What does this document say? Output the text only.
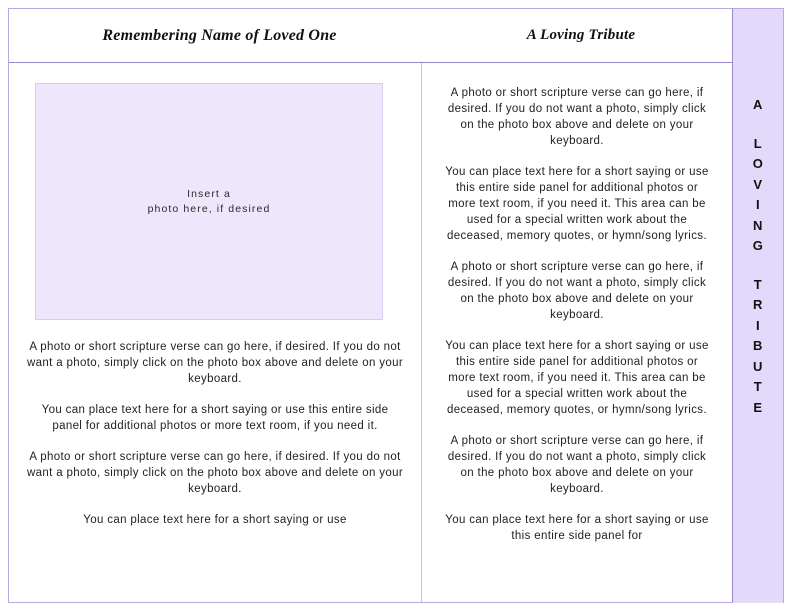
Remembering Name of Loved One	A Loving Tribute
Insert a
photo here, if desired

A photo or short scripture verse can go here, if desired. If you do not want a photo, simply click on the photo box above and delete on your keyboard.

You can place text here for a short saying or use this entire side panel for additional photos or more text room, if you need it.

A photo or short scripture verse can go here, if desired. If you do not want a photo, simply click on the photo box above and delete on your keyboard.

You can place text here for a short saying or use

A photo or short scripture verse can go here, if desired. If you do not want a photo, simply click on the photo box above and delete on your keyboard.

You can place text here for a short saying or use this entire side panel for additional photos or more text room, if you need it. This area can be used for a special written work about the deceased, memory quotes, or hymn/song lyrics.

A photo or short scripture verse can go here, if desired. If you do not want a photo, simply click on the photo box above and delete on your keyboard.

You can place text here for a short saying or use this entire side panel for additional photos or more text room, if you need it. This area can be used for a special written work about the deceased, memory quotes, or hymn/song lyrics.

A photo or short scripture verse can go here, if desired. If you do not want a photo, simply click on the photo box above and delete on your keyboard.

You can place text here for a short saying or use this entire side panel for

A
L
O
V
I
N
G
T
R
I
B
U
T
E
